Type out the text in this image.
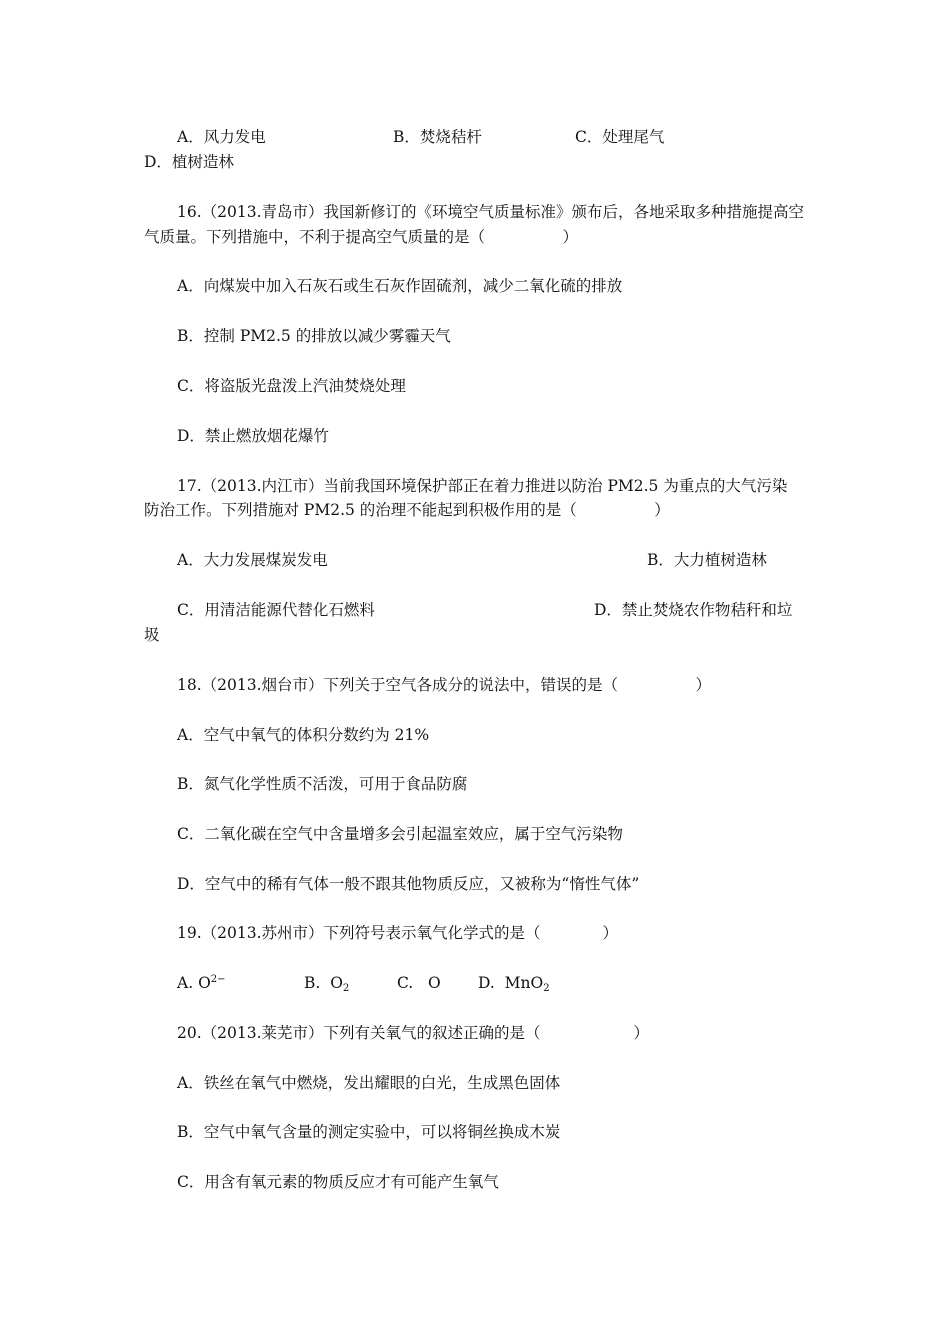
A．风力发电	B．焚烧秸杆	C．处理尾气
D．植树造林
16.（2013.青岛市）我国新修订的《环境空气质量标准》颁布后，各地采取多种措施提高空
气质量。下列措施中，不利于提高空气质量的是（　　　　　）
A．向煤炭中加入石灰石或生石灰作固硫剂，减少二氧化硫的排放
B．控制 PM2.5 的排放以减少雾霾天气
C．将盗版光盘泼上汽油焚烧处理
D．禁止燃放烟花爆竹
17.（2013.内江市）当前我国环境保护部正在着力推进以防治 PM2.5 为重点的大气污染
防治工作。下列措施对 PM2.5 的治理不能起到积极作用的是（　　　　　）
A．大力发展煤炭发电	B．大力植树造林
C．用清洁能源代替化石燃料	D．禁止焚烧农作物秸秆和垃
圾
18.（2013.烟台市）下列关于空气各成分的说法中，错误的是（　　　　　）
A．空气中氧气的体积分数约为 21%
B．氮气化学性质不活泼，可用于食品防腐
C．二氧化碳在空气中含量增多会引起温室效应，属于空气污染物
D．空气中的稀有气体一般不跟其他物质反应，又被称为“惰性气体”
19.（2013.苏州市）下列符号表示氧气化学式的是（　　　　）
A. $O^{2-}$	B. $O_2$	C.   O D. MnO$_2$
20.（2013.莱芜市）下列有关氧气的叙述正确的是（　　　　　　）
A．铁丝在氧气中燃烧，发出耀眼的白光，生成黑色固体
B．空气中氧气含量的测定实验中，可以将铜丝换成木炭
C．用含有氧元素的物质反应才有可能产生氧气
